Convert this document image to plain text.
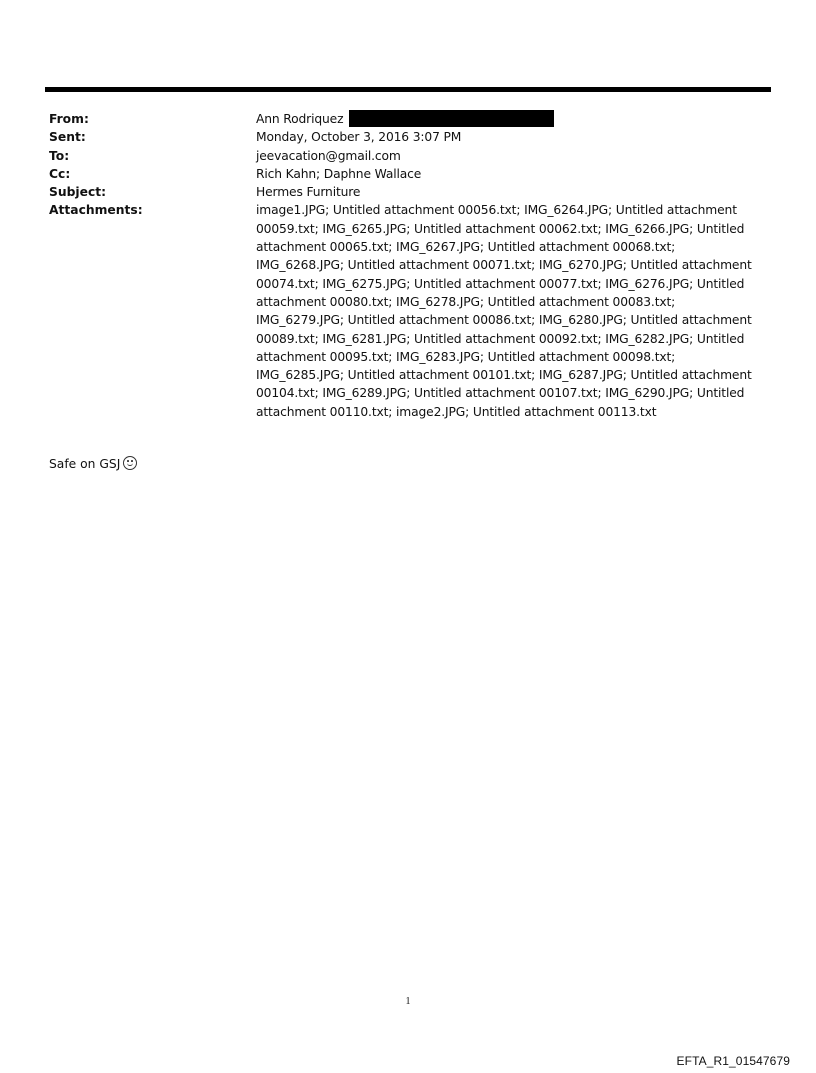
From:	Ann Rodriquez
Sent:	Monday, October 3, 2016 3:07 PM
To:	jeevacation@gmail.com
Cc:	Rich Kahn; Daphne Wallace
Subject:	Hermes Furniture
Attachments:	image1.JPG; Untitled attachment 00056.txt; IMG_6264.JPG; Untitled attachment 00059.txt; IMG_6265.JPG; Untitled attachment 00062.txt; IMG_6266.JPG; Untitled attachment 00065.txt; IMG_6267.JPG; Untitled attachment 00068.txt; IMG_6268.JPG; Untitled attachment 00071.txt; IMG_6270.JPG; Untitled attachment 00074.txt; IMG_6275.JPG; Untitled attachment 00077.txt; IMG_6276.JPG; Untitled attachment 00080.txt; IMG_6278.JPG; Untitled attachment 00083.txt; IMG_6279.JPG; Untitled attachment 00086.txt; IMG_6280.JPG; Untitled attachment 00089.txt; IMG_6281.JPG; Untitled attachment 00092.txt; IMG_6282.JPG; Untitled attachment 00095.txt; IMG_6283.JPG; Untitled attachment 00098.txt; IMG_6285.JPG; Untitled attachment 00101.txt; IMG_6287.JPG; Untitled attachment 00104.txt; IMG_6289.JPG; Untitled attachment 00107.txt; IMG_6290.JPG; Untitled attachment 00110.txt; image2.JPG; Untitled attachment 00113.txt
Safe on GSJ
1
EFTA_R1_01547679
